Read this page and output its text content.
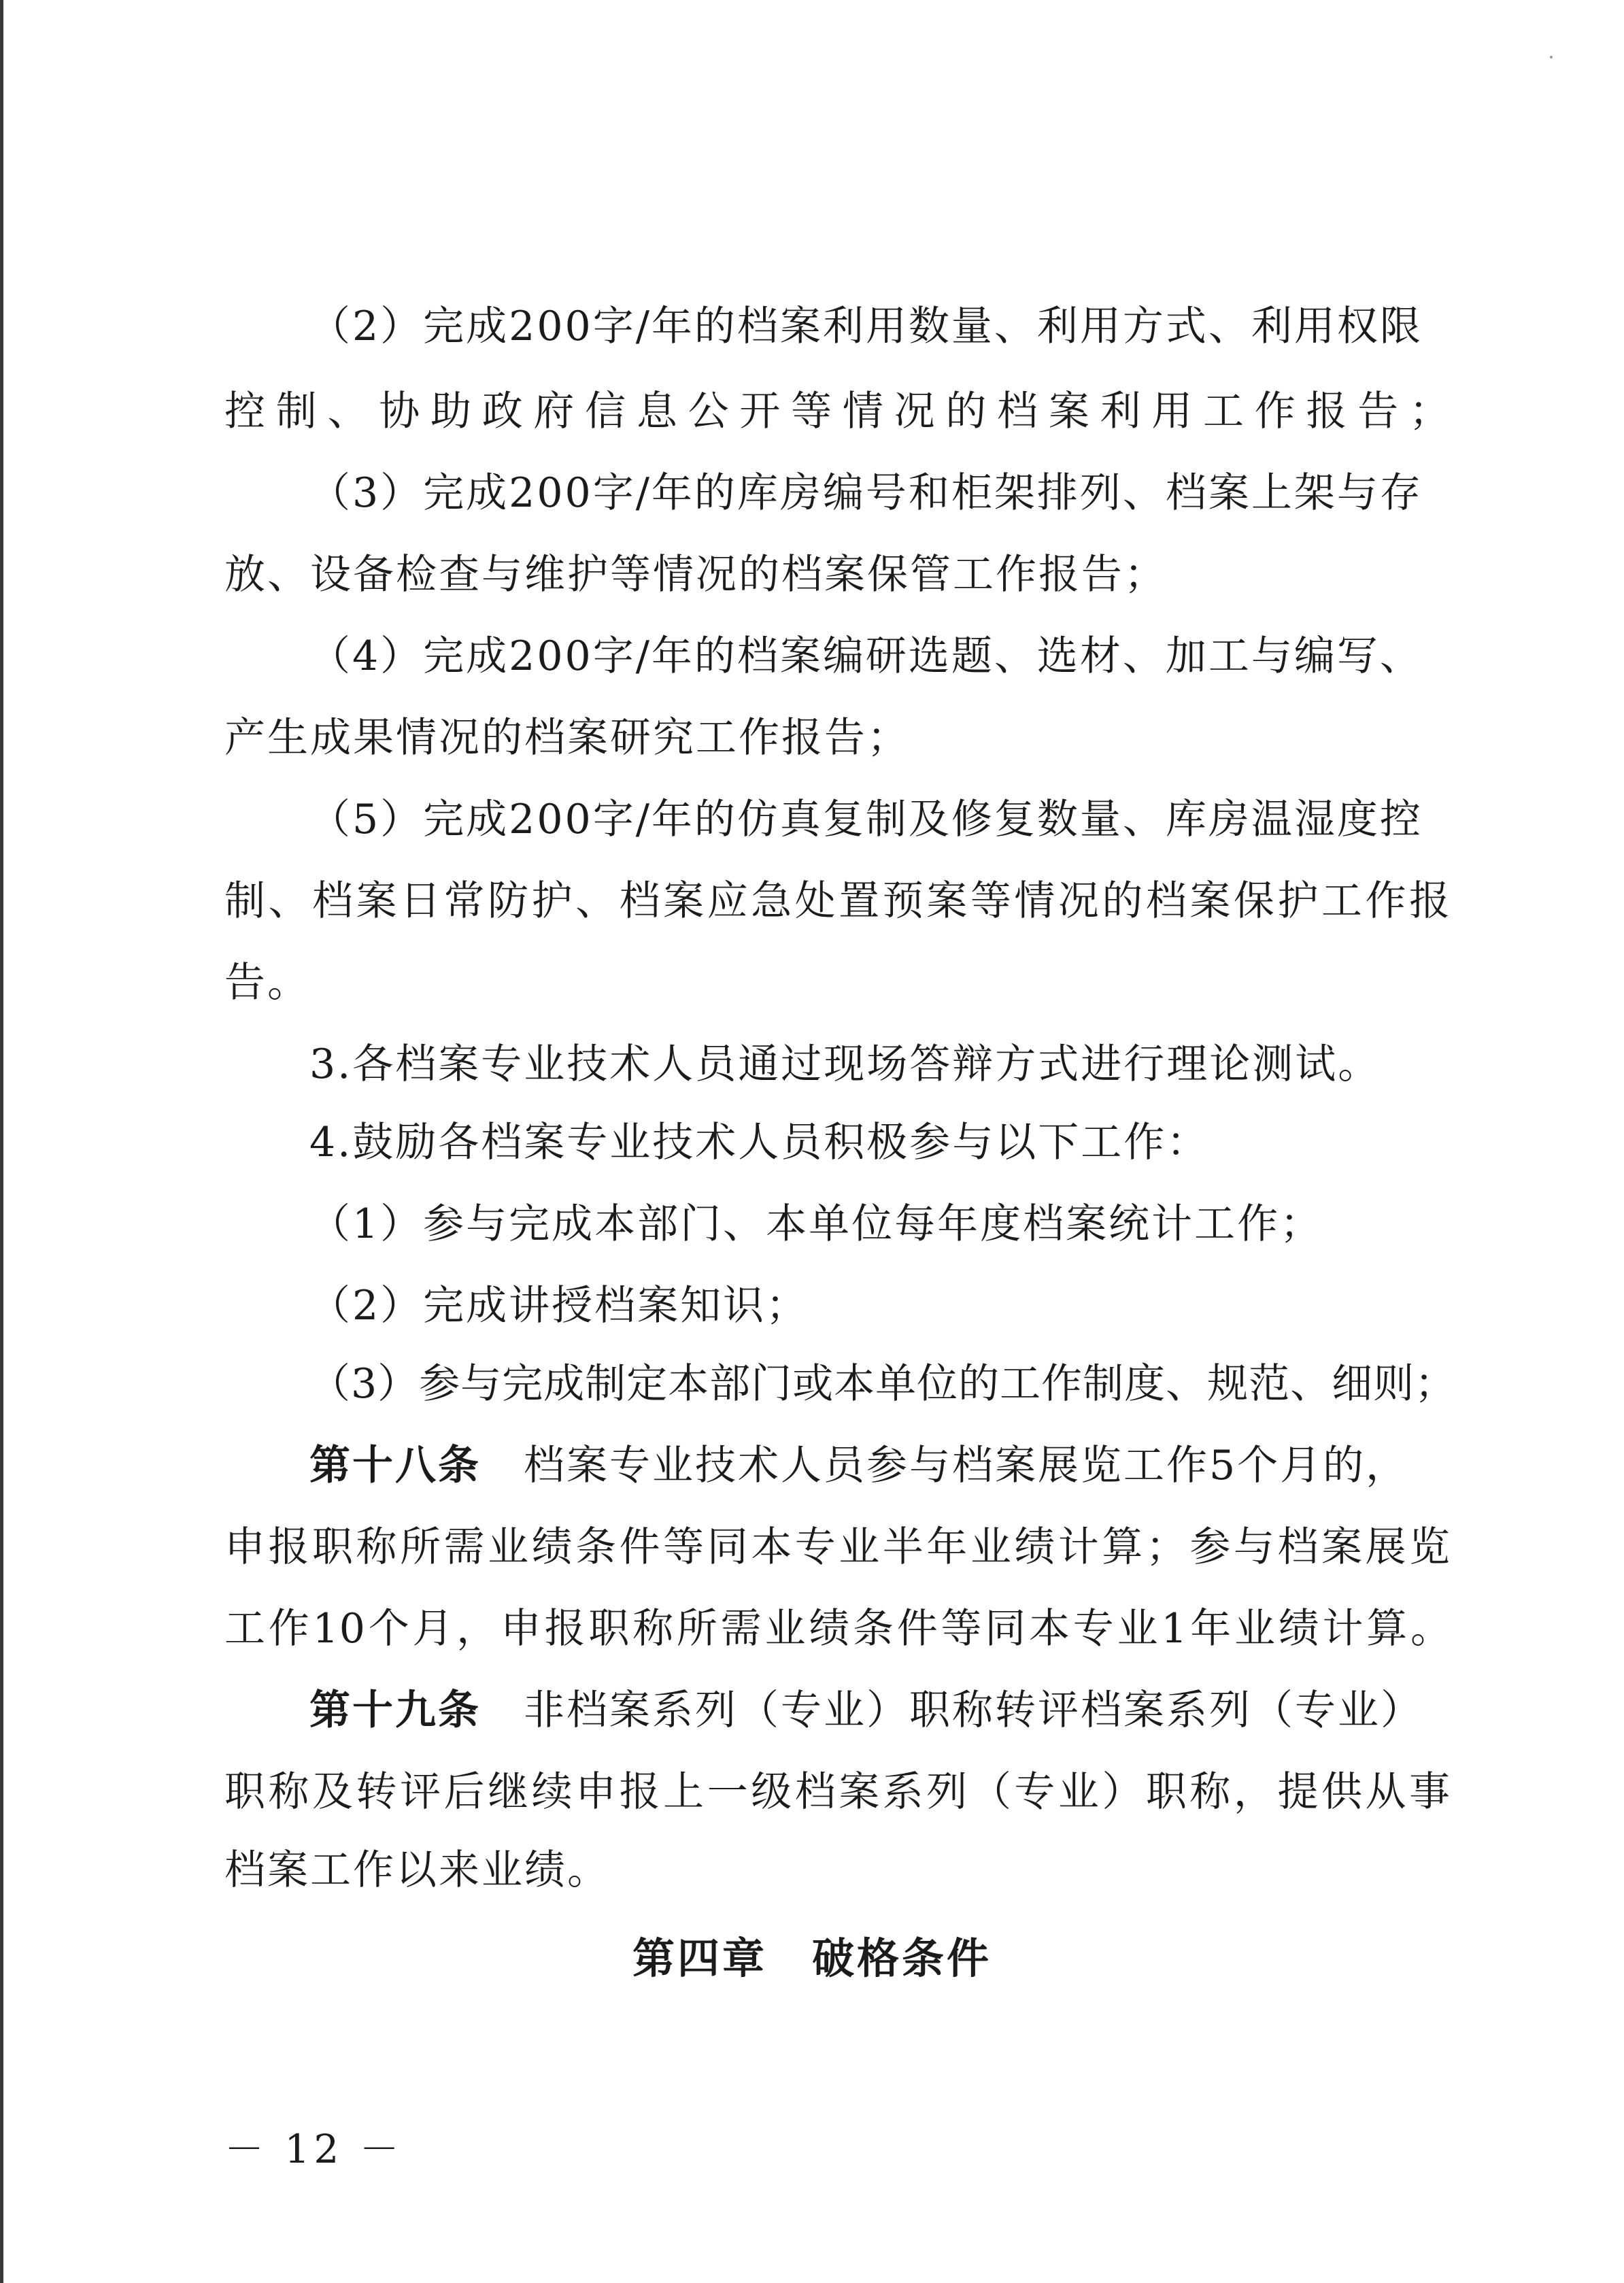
（2）完成200字/年的档案利用数量、利用方式、利用权限

控制、协助政府信息公开等情况的档案利用工作报告；

（3）完成200字/年的库房编号和柜架排列、档案上架与存

放、设备检查与维护等情况的档案保管工作报告；

（4）完成200字/年的档案编研选题、选材、加工与编写、

产生成果情况的档案研究工作报告；

（5）完成200字/年的仿真复制及修复数量、库房温湿度控

制、档案日常防护、档案应急处置预案等情况的档案保护工作报

告。

3.各档案专业技术人员通过现场答辩方式进行理论测试。

4.鼓励各档案专业技术人员积极参与以下工作：

（1）参与完成本部门、本单位每年度档案统计工作；

（2）完成讲授档案知识；

（3）参与完成制定本部门或本单位的工作制度、规范、细则；

第十八条　 档案专业技术人员参与档案展览工作5个月的，

申报职称所需业绩条件等同本专业半年业绩计算；参与档案展览

工作10个月，申报职称所需业绩条件等同本专业1年业绩计算。

第十九条　 非档案系列（专业）职称转评档案系列（专业）

职称及转评后继续申报上一级档案系列（专业）职称，提供从事

档案工作以来业绩。

第四章　破格条件

－ 12 －
